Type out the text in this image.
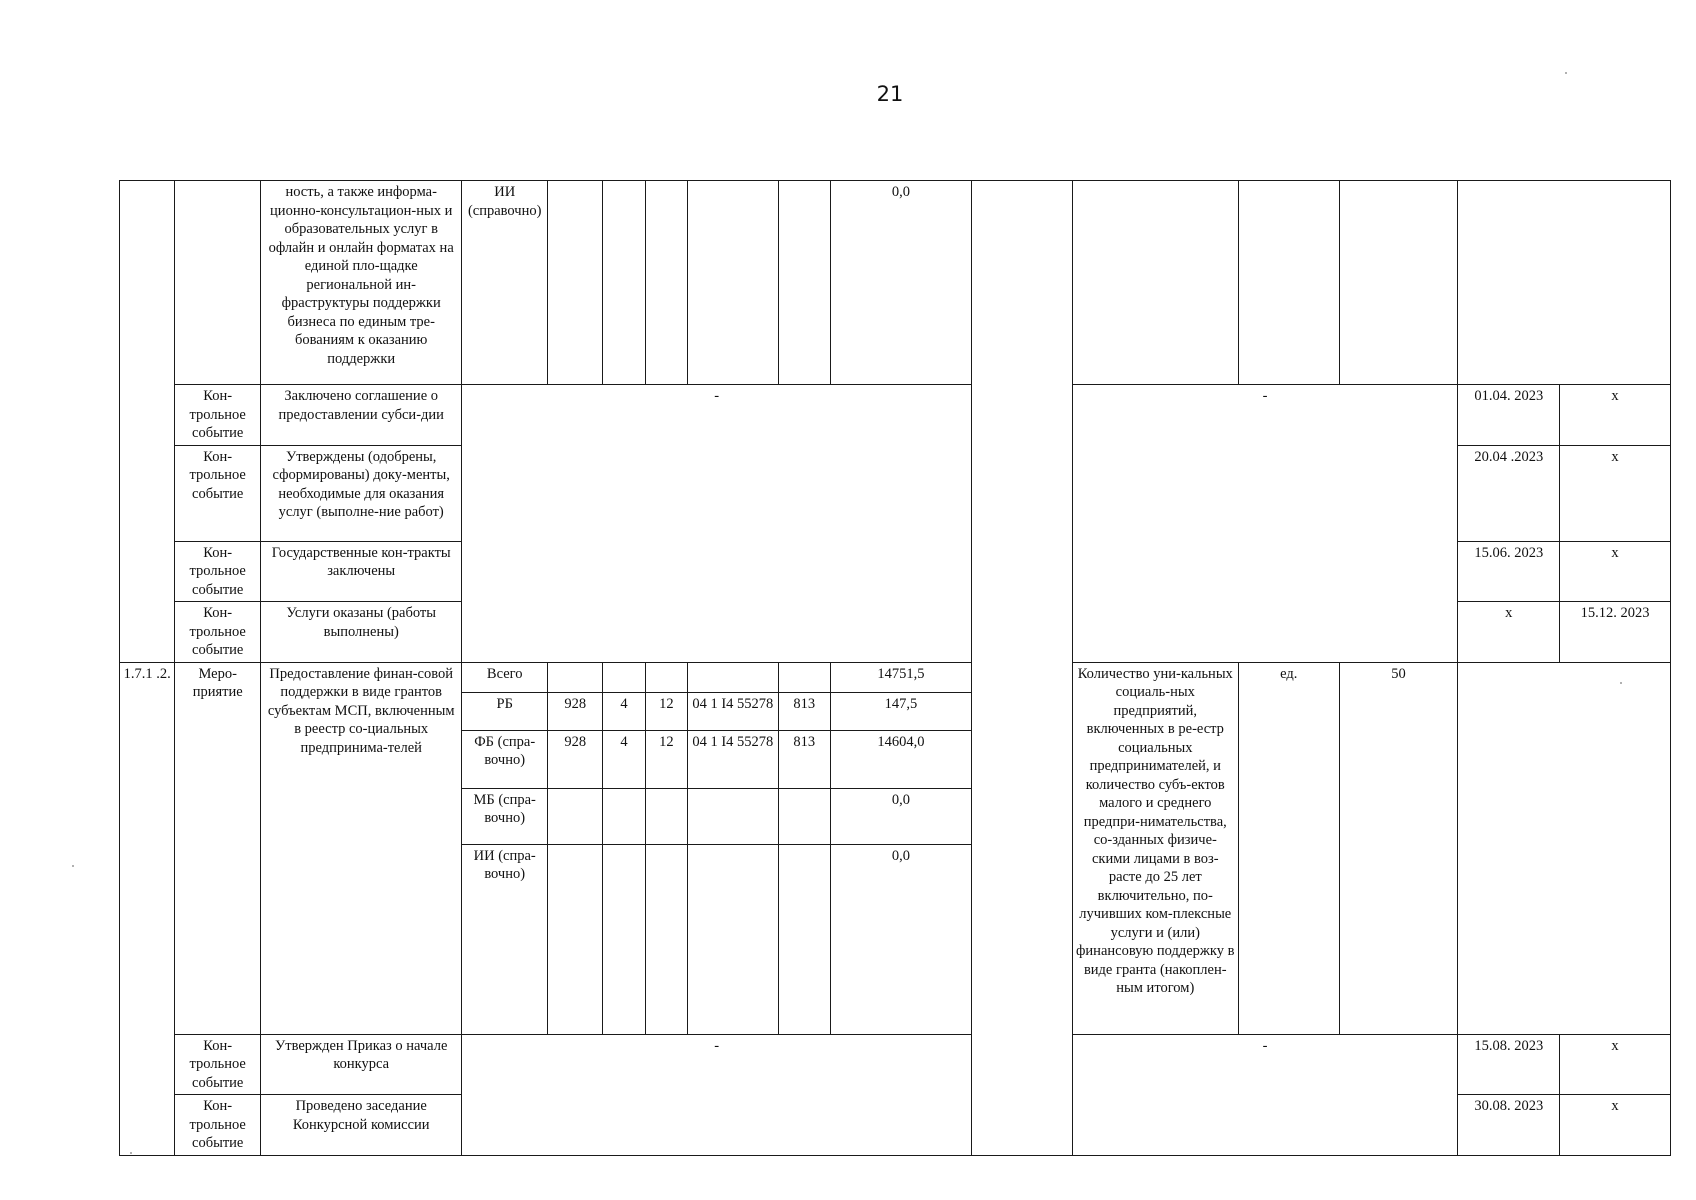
21
		ность, а также информа-ционно-консультацион-ных и образовательных услуг в офлайн и онлайн форматах на единой пло-щадке региональной ин-фраструктуры поддержки бизнеса по единым тре-бованиям к оказанию поддержки	ИИ (справочно)						0,0						
	Кон-трольное событие	Заключено соглашение о предоставлении субси-дии	-								-			01.04. 2023	x
	Кон-трольное событие	Утверждены (одобрены, сформированы) доку-менты, необходимые для оказания услуг (выполне-ние работ)												20.04 .2023	x
	Кон-трольное событие	Государственные кон-тракты заключены												15.06. 2023	x
	Кон-трольное событие	Услуги оказаны (работы выполнены)												x	15.12. 2023
1.7.1 .2.	Меро-приятие	Предоставление финан-совой поддержки в виде грантов субъектам МСП, включенным в реестр со-циальных предпринима-телей	Всего						14751,5		Количество уни-кальных социаль-ных предприятий, включенных в ре-естр социальных предпринимателей, и количество субъ-ектов малого и среднего предпри-нимательства, со-зданных физиче-скими лицами в воз-расте до 25 лет включительно, по-лучивших ком-плексные услуги и (или) финансовую поддержку в виде гранта (накоплен-ным итогом)	ед.	50		
			РБ	928	4	12	04 1 I4 55278	813	147,5						
			ФБ (спра-вочно)	928	4	12	04 1 I4 55278	813	14604,0						
			МБ (спра-вочно)						0,0						
			ИИ (спра-вочно)						0,0						
	Кон-трольное событие	Утвержден Приказ о начале конкурса	-								-			15.08. 2023	x
	Кон-трольное событие	Проведено заседание Конкурсной комиссии												30.08. 2023	x
